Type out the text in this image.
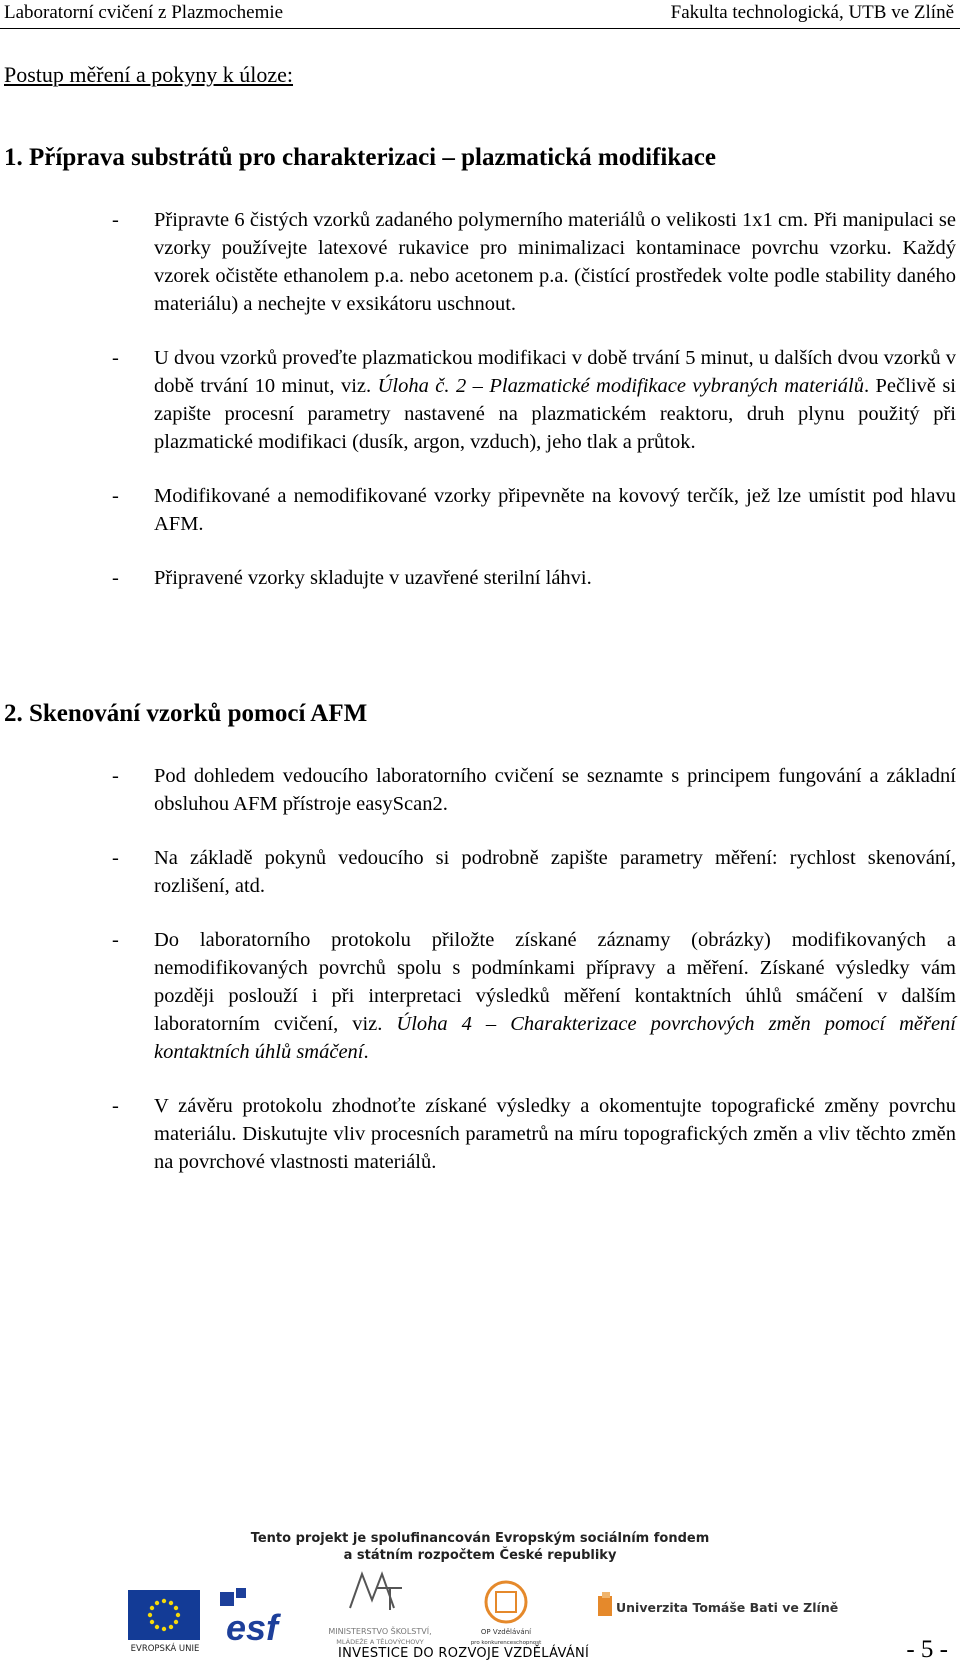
Laboratorní cvičení z Plazmochemie	Fakulta technologická, UTB ve Zlíně
Postup měření a pokyny k úloze:
1. Příprava substrátů pro charakterizaci – plazmatická modifikace
- Připravte 6 čistých vzorků zadaného polymerního materiálů o velikosti 1x1 cm. Při manipulaci se vzorky používejte latexové rukavice pro minimalizaci kontaminace povrchu vzorku. Každý vzorek očistěte ethanolem p.a. nebo acetonem p.a. (čistící prostředek volte podle stability daného materiálu) a nechejte v exsikátoru uschnout.
- U dvou vzorků proveďte plazmatickou modifikaci v době trvání 5 minut, u dalších dvou vzorků v době trvání 10 minut, viz. Úloha č. 2 – Plazmatické modifikace vybraných materiálů. Pečlivě si zapište procesní parametry nastavené na plazmatickém reaktoru, druh plynu použitý při plazmatické modifikaci (dusík, argon, vzduch), jeho tlak a průtok.
- Modifikované a nemodifikované vzorky připevněte na kovový terčík, jež lze umístit pod hlavu AFM.
- Připravené vzorky skladujte v uzavřené sterilní láhvi.
2. Skenování vzorků pomocí AFM
- Pod dohledem vedoucího laboratorního cvičení se seznamte s principem fungování a základní obsluhou AFM přístroje easyScan2.
- Na základě pokynů vedoucího si podrobně zapište parametry měření: rychlost skenování, rozlišení, atd.
- Do laboratorního protokolu přiložte získané záznamy (obrázky) modifikovaných a nemodifikovaných povrchů spolu s podmínkami přípravy a měření. Získané výsledky vám později poslouží i při interpretaci výsledků měření kontaktních úhlů smáčení v dalším laboratorním cvičení, viz. Úloha 4 – Charakterizace povrchových změn pomocí měření kontaktních úhlů smáčení.
- V závěru protokolu zhodnoťte získané výsledky a okomentujte topografické změny povrchu materiálu. Diskutujte vliv procesních parametrů na míru topografických změn a vliv těchto změn na povrchové vlastnosti materiálů.
Tento projekt je spolufinancován Evropským sociálním fondem
a státním rozpočtem České republiky
EVROPSKÁ UNIE
esf	MINISTERSTVO ŠKOLSTVÍ,
MLÁDEŽE A TĚLOVÝCHOVY
OP Vzdělávání
pro konkurenceschopnost
Univerzita Tomáše Bati ve Zlíně
INVESTICE DO ROZVOJE VZDĚLÁVÁNÍ	- 5 -
